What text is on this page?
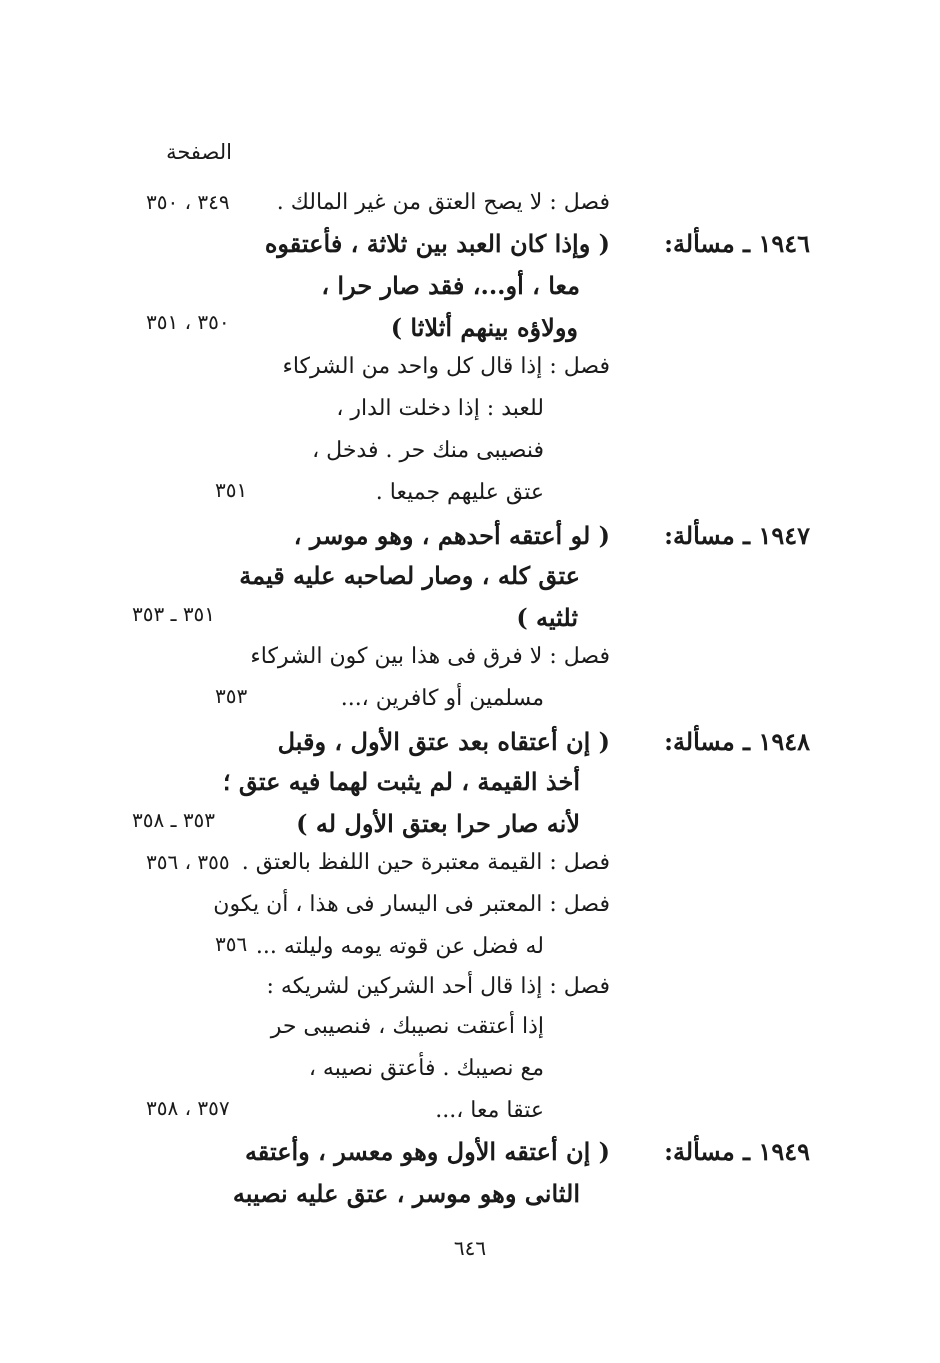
الصفحة
فصل : لا يصح العتق من غير المالك .
٣٤٩ ، ٣٥٠
١٩٤٦ ـ مسألة:
( وإذا كان العبد بين ثلاثة ، فأعتقوه
معا ، أو...، فقد صار حرا ،
وولاؤه بينهم أثلاثا )
٣٥٠ ، ٣٥١
فصل : إذا قال كل واحد من الشركاء
للعبد : إذا دخلت الدار ،
فنصيبى منك حر . فدخل ،
عتق عليهم جميعا .
٣٥١
١٩٤٧ ـ مسألة:
( لو أعتقه أحدهم ، وهو موسر ،
عتق كله ، وصار لصاحبه عليه قيمة
ثلثيه )
٣٥١ ـ ٣٥٣
فصل : لا فرق فى هذا بين كون الشركاء
مسلمين أو كافرين ،...
٣٥٣
١٩٤٨ ـ مسألة:
( إن أعتقاه بعد عتق الأول ، وقبل
أخذ القيمة ، لم يثبت لهما فيه عتق ؛
لأنه صار حرا بعتق الأول له )
٣٥٣ ـ ٣٥٨
فصل : القيمة معتبرة حين اللفظ بالعتق .
٣٥٥ ، ٣٥٦
فصل : المعتبر فى اليسار فى هذا ، أن يكون
له فضل عن قوته يومه وليلته ...
٣٥٦
فصل : إذا قال أحد الشركين لشريكه :
إذا أعتقت نصيبك ، فنصيبى حر
مع نصيبك . فأعتق نصيبه ،
عتقا معا ،...
٣٥٧ ، ٣٥٨
١٩٤٩ ـ مسألة:
( إن أعتقه الأول وهو معسر ، وأعتقه
الثانى وهو موسر ، عتق عليه نصيبه
٦٤٦
